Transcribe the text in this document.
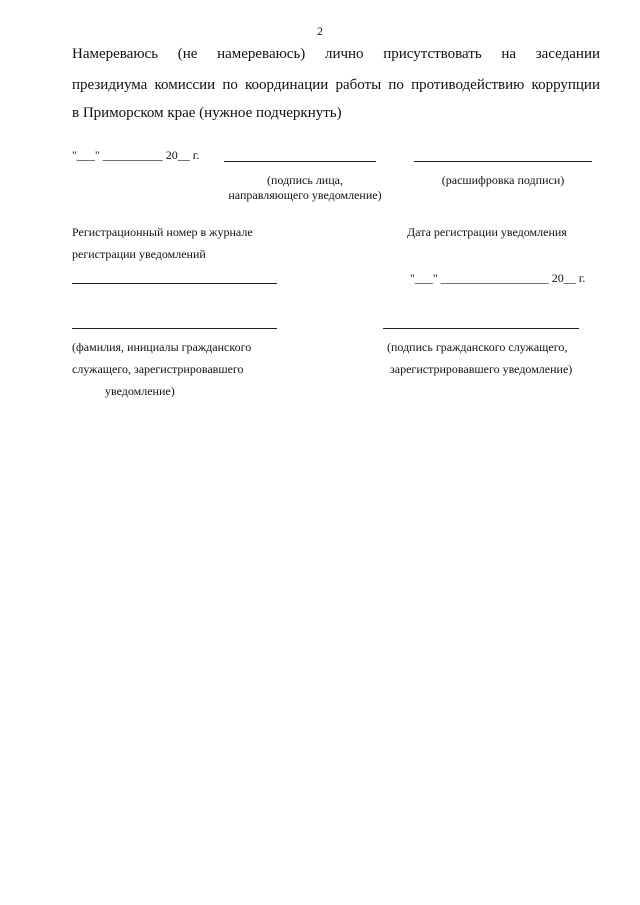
2
Намереваюсь (не намереваюсь) лично присутствовать на заседании
президиума комиссии по координации работы по противодействию коррупции
в Приморском крае (нужное подчеркнуть)
"___" __________ 20__ г.
(подпись лица,
направляющего уведомление)
(расшифровка подписи)
Регистрационный номер в журнале
регистрации уведомлений
Дата регистрации уведомления
"___" __________________ 20__ г.
(фамилия, инициалы гражданского
служащего, зарегистрировавшего
уведомление)
(подпись гражданского служащего,
зарегистрировавшего уведомление)
